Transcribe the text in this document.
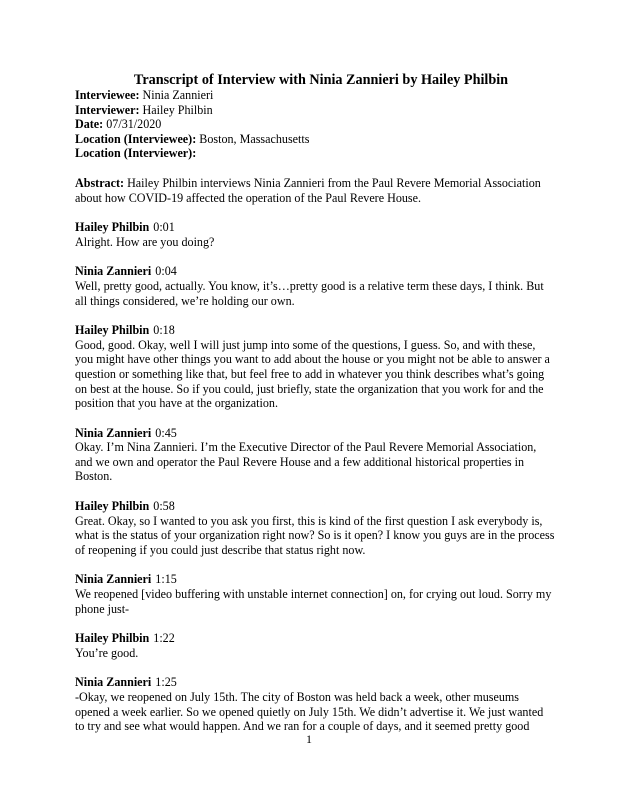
Transcript of Interview with Ninia Zannieri by Hailey Philbin
Interviewee: Ninia Zannieri
Interviewer: Hailey Philbin
Date: 07/31/2020
Location (Interviewee): Boston, Massachusetts
Location (Interviewer):
Abstract: Hailey Philbin interviews Ninia Zannieri from the Paul Revere Memorial Association about how COVID-19 affected the operation of the Paul Revere House.
Hailey Philbin 0:01
Alright. How are you doing?
Ninia Zannieri 0:04
Well, pretty good, actually. You know, it’s…pretty good is a relative term these days, I think. But all things considered, we’re holding our own.
Hailey Philbin 0:18
Good, good. Okay, well I will just jump into some of the questions, I guess. So, and with these, you might have other things you want to add about the house or you might not be able to answer a question or something like that, but feel free to add in whatever you think describes what’s going on best at the house. So if you could, just briefly, state the organization that you work for and the position that you have at the organization.
Ninia Zannieri 0:45
Okay. I’m Nina Zannieri. I’m the Executive Director of the Paul Revere Memorial Association, and we own and operator the Paul Revere House and a few additional historical properties in Boston.
Hailey Philbin 0:58
Great. Okay, so I wanted to you ask you first, this is kind of the first question I ask everybody is, what is the status of your organization right now? So is it open? I know you guys are in the process of reopening if you could just describe that status right now.
Ninia Zannieri 1:15
We reopened [video buffering with unstable internet connection] on, for crying out loud. Sorry my phone just-
Hailey Philbin 1:22
You’re good.
Ninia Zannieri 1:25
-Okay, we reopened on July 15th. The city of Boston was held back a week, other museums opened a week earlier. So we opened quietly on July 15th. We didn’t advertise it. We just wanted to try and see what would happen. And we ran for a couple of days, and it seemed pretty good
1
